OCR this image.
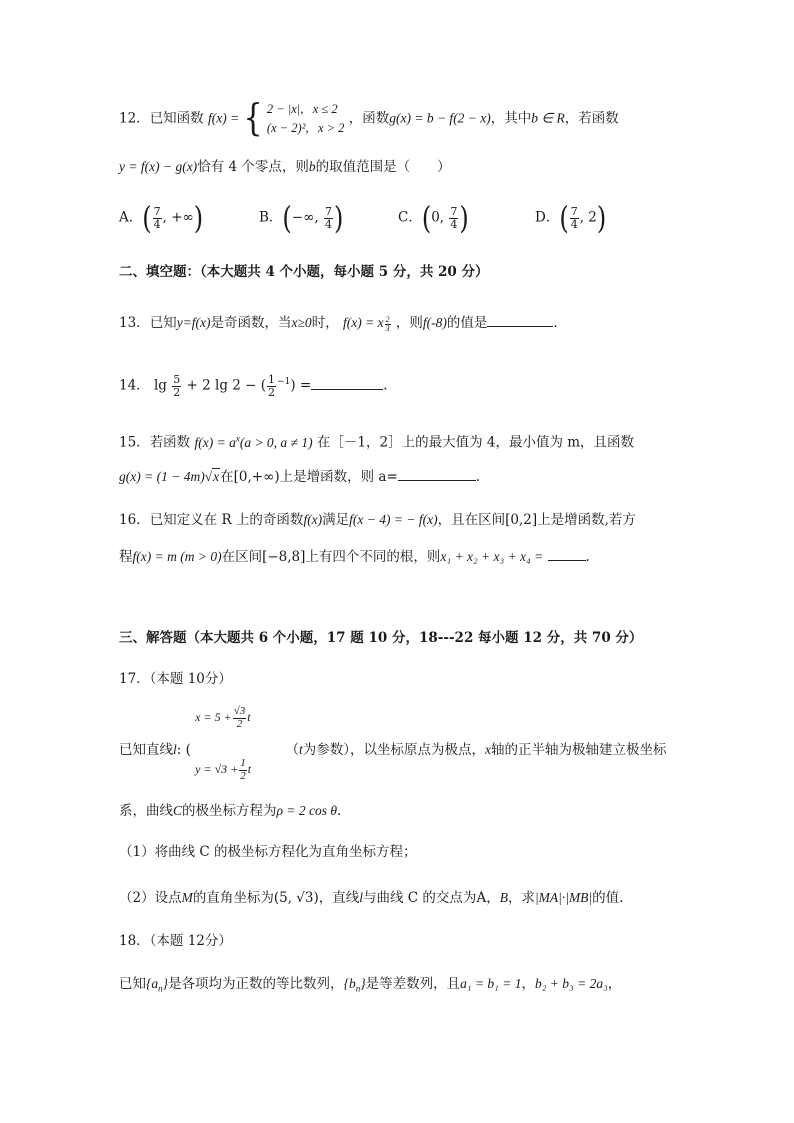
12．已知函数 f(x) = { 2 − |x|, x ≤ 2
(x − 2)², x > 2
，函数g(x) = b − f(2 − x)，其中b ∈ R，若函数
y = f(x) − g(x)恰有 4 个零点，则b的取值范围是（　　）
A．( $\frac{7}{4}$ , +∞)	B．(−∞, $\frac{7}{4}$ )	C．(0, $\frac{7}{4}$ )	D．( $\frac{7}{4}$ , 2)
二、填空题：（本大题共 4 个小题，每小题 5 分，共 20 分）
13．已知y=f(x)是奇函数，当x≥0时， f(x) = x $\frac{2}{3}$ ，则f(-8)的值是	.
14． $\lg \frac{5}{2} + 2$ lg 2 − ( $\frac{1}{2} ^{-1}$) =	.
15．若函数 $f(x) = a^x(a > 0$, a ≠ 1) 在［－1，2］上的最大值为 4，最小值为 m，且函数
g(x) = (1 − 4m)√x在[0,+∞)上是增函数，则 a=	.
16．已知定义在 R 上的奇函数f(x)满足f(x − 4) = − f(x)，且在区间[0,2]上是增函数,若方
程f(x) = m (m > 0)在区间[−8,8]上有四个不同的根，则x₁ + x₂ + x₃ + x₄ =	.
三、解答题（本大题共 6 个小题，17 题 10 分，18---22 每小题 12 分，共 70 分）
17．（本题 10分）
已知直线l: (
$x = 5 + \frac{√3}{2}$ t
$y = √3 + \frac{1}{2}$ t
（t为参数），以坐标原点为极点，x轴的正半轴为极轴建立极坐标
系，曲线C的极坐标方程为ρ = 2 cos θ.
（1）将曲线 C 的极坐标方程化为直角坐标方程；
（2）设点M的直角坐标为(5, √3)，直线l与曲线 C 的交点为A，B，求|MA|·|MB|的值.
18．（本题 12分）
已知$\{a_n\}$是各项均为正数的等比数列，$\{b_n\}$是等差数列，且a₁ = b₁ = 1，b₂ + b₃ = 2a₃，
